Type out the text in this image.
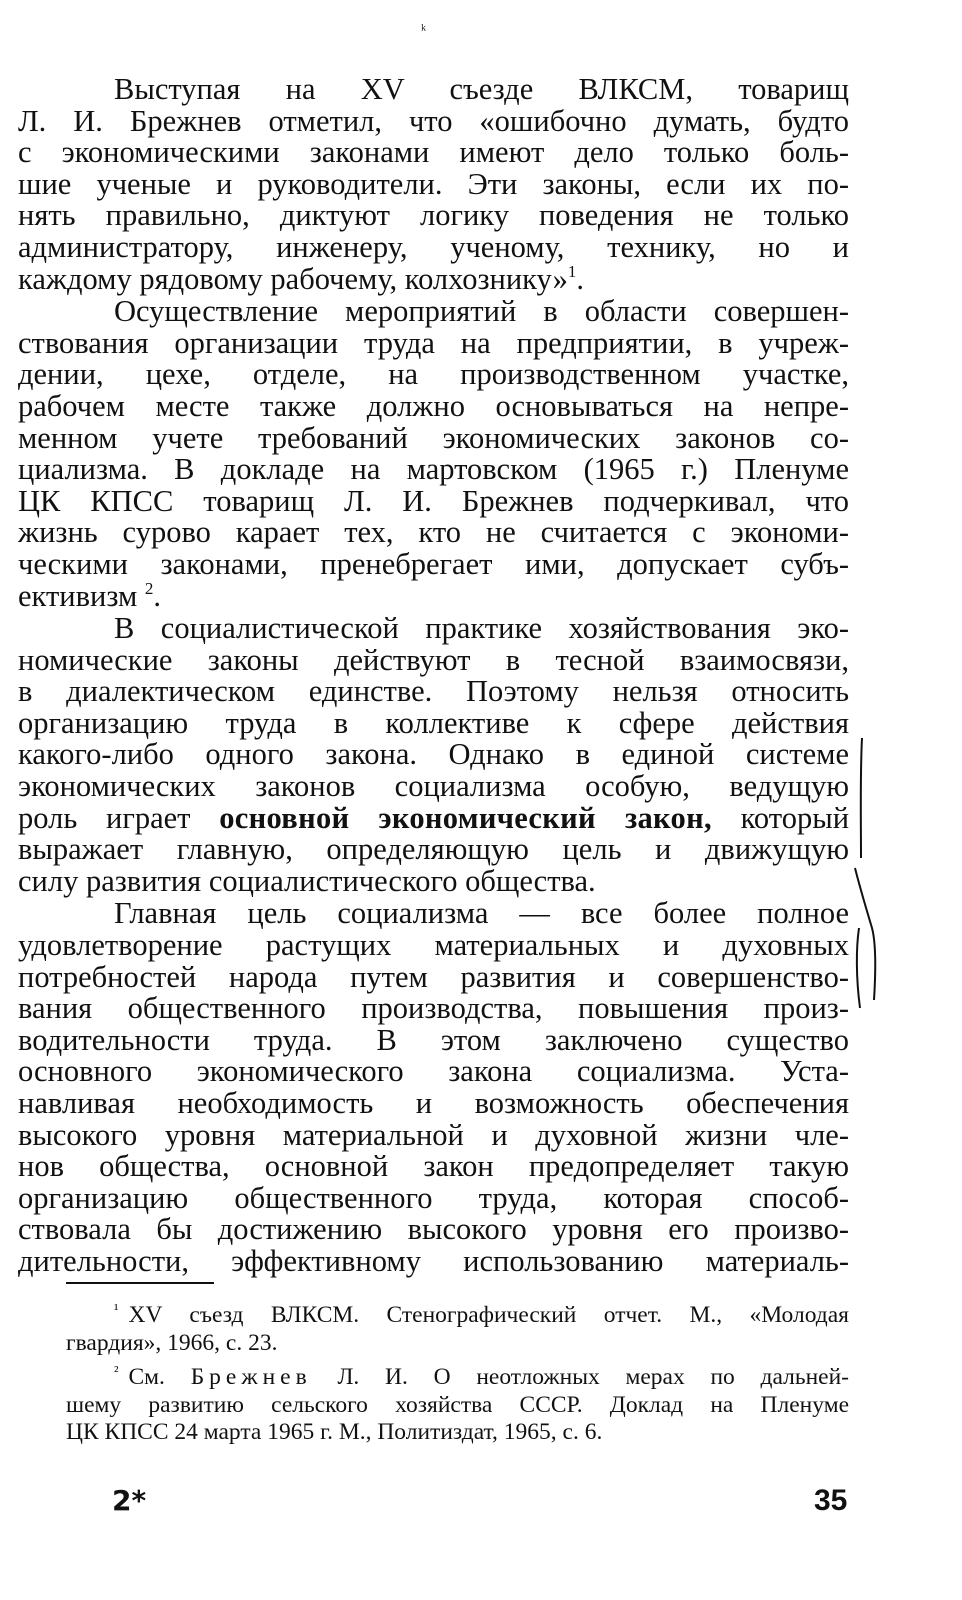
ᵏ

Выступая на XV съезде ВЛКСМ, товарищ
Л. И. Брежнев отметил, что «ошибочно думать, будто
с экономическими законами имеют дело только боль-
шие ученые и руководители. Эти законы, если их по-
нять правильно, диктуют логику поведения не только
администратору, инженеру, ученому, технику, но и
каждому рядовому рабочему, колхознику»$^1$.

Осуществление мероприятий в области совершен-
ствования организации труда на предприятии, в учреж-
дении, цехе, отделе, на производственном участке,
рабочем месте также должно основываться на непре-
менном учете требований экономических законов со-
циализма. В докладе на мартовском (1965 г.) Пленуме
ЦК КПСС товарищ Л. И. Брежнев подчеркивал, что
жизнь сурово карает тех, кто не считается с экономи-
ческими законами, пренебрегает ими, допускает субъ-
ективизм $^2$.

В социалистической практике хозяйствования эко-
номические законы действуют в тесной взаимосвязи,
в диалектическом единстве. Поэтому нельзя относить
организацию труда в коллективе к сфере действия
какого-либо одного закона. Однако в единой системе
экономических законов социализма особую, ведущую
роль играет основной экономический закон, который
выражает главную, определяющую цель и движущую
силу развития социалистического общества.

Главная цель социализма — все более полное
удовлетворение растущих материальных и духовных
потребностей народа путем развития и совершенство-
вания общественного производства, повышения произ-
водительности труда. В этом заключено существо
основного экономического закона социализма. Уста-
навливая необходимость и возможность обеспечения
высокого уровня материальной и духовной жизни чле-
нов общества, основной закон предопределяет такую
организацию общественного труда, которая способ-
ствовала бы достижению высокого уровня его произво-
дительности, эффективному использованию материаль-

$^{^1}$ XV съезд ВЛКСМ. Стенографический отчет. М., «Молодая
гвардия», 1966, с. 23.
$^{^2}$ См. Брежнев Л. И. О неотложных мерах по дальней-
шему развитию сельского хозяйства СССР. Доклад на Пленуме
ЦК КПСС 24 марта 1965 г. М., Политиздат, 1965, с. 6.
2*	35
